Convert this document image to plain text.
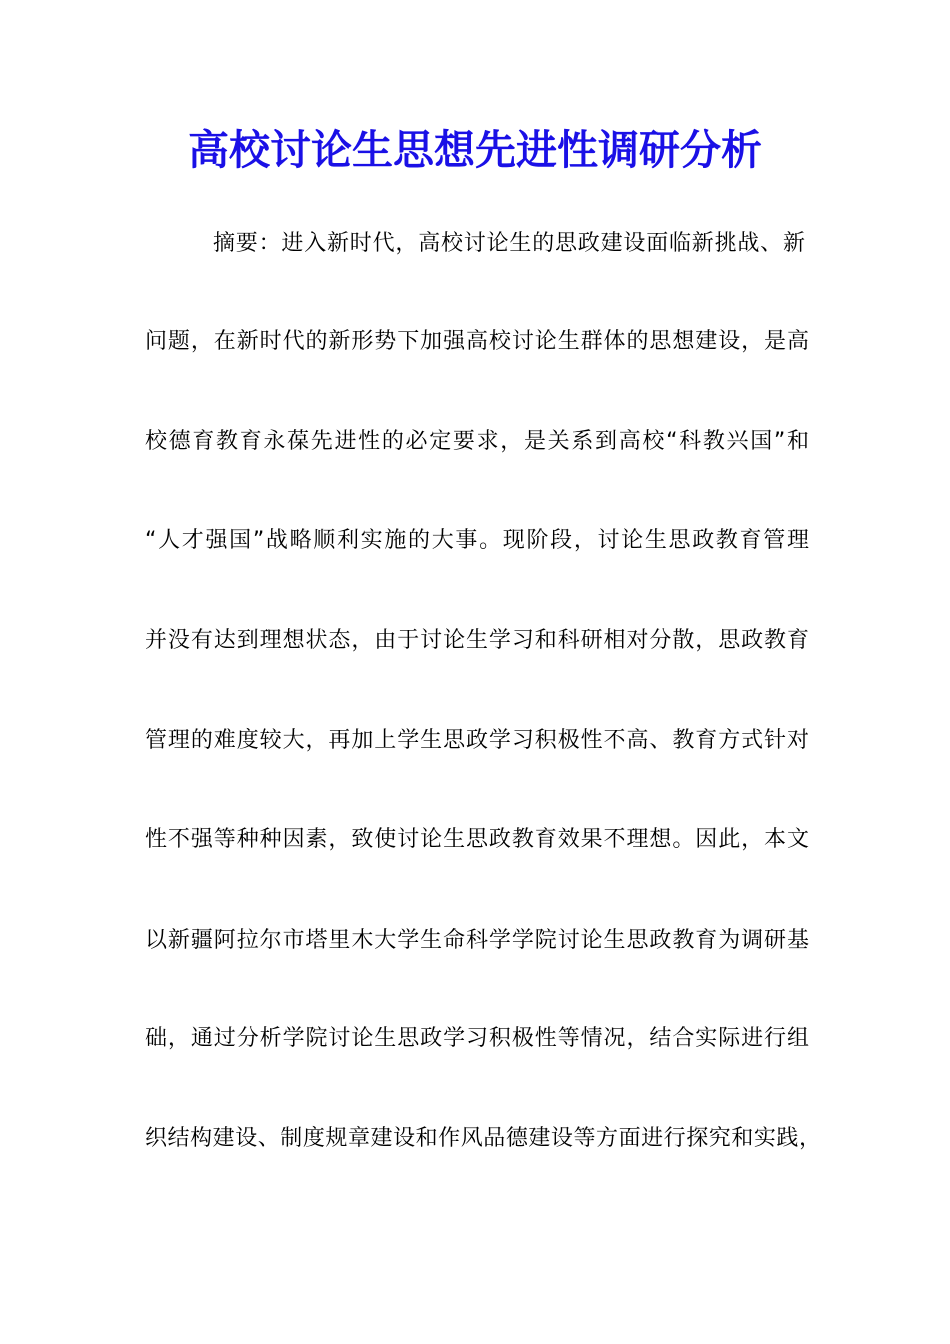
高校讨论生思想先进性调研分析
摘要：进入新时代，高校讨论生的思政建设面临新挑战、新
问题，在新时代的新形势下加强高校讨论生群体的思想建设，是高
校德育教育永葆先进性的必定要求，是关系到高校“科教兴国”和
“人才强国”战略顺利实施的大事。现阶段，讨论生思政教育管理
并没有达到理想状态，由于讨论生学习和科研相对分散，思政教育
管理的难度较大，再加上学生思政学习积极性不高、教育方式针对
性不强等种种因素，致使讨论生思政教育效果不理想。因此，本文
以新疆阿拉尔市塔里木大学生命科学学院讨论生思政教育为调研基
础，通过分析学院讨论生思政学习积极性等情况，结合实际进行组
织结构建设、制度规章建设和作风品德建设等方面进行探究和实践，
